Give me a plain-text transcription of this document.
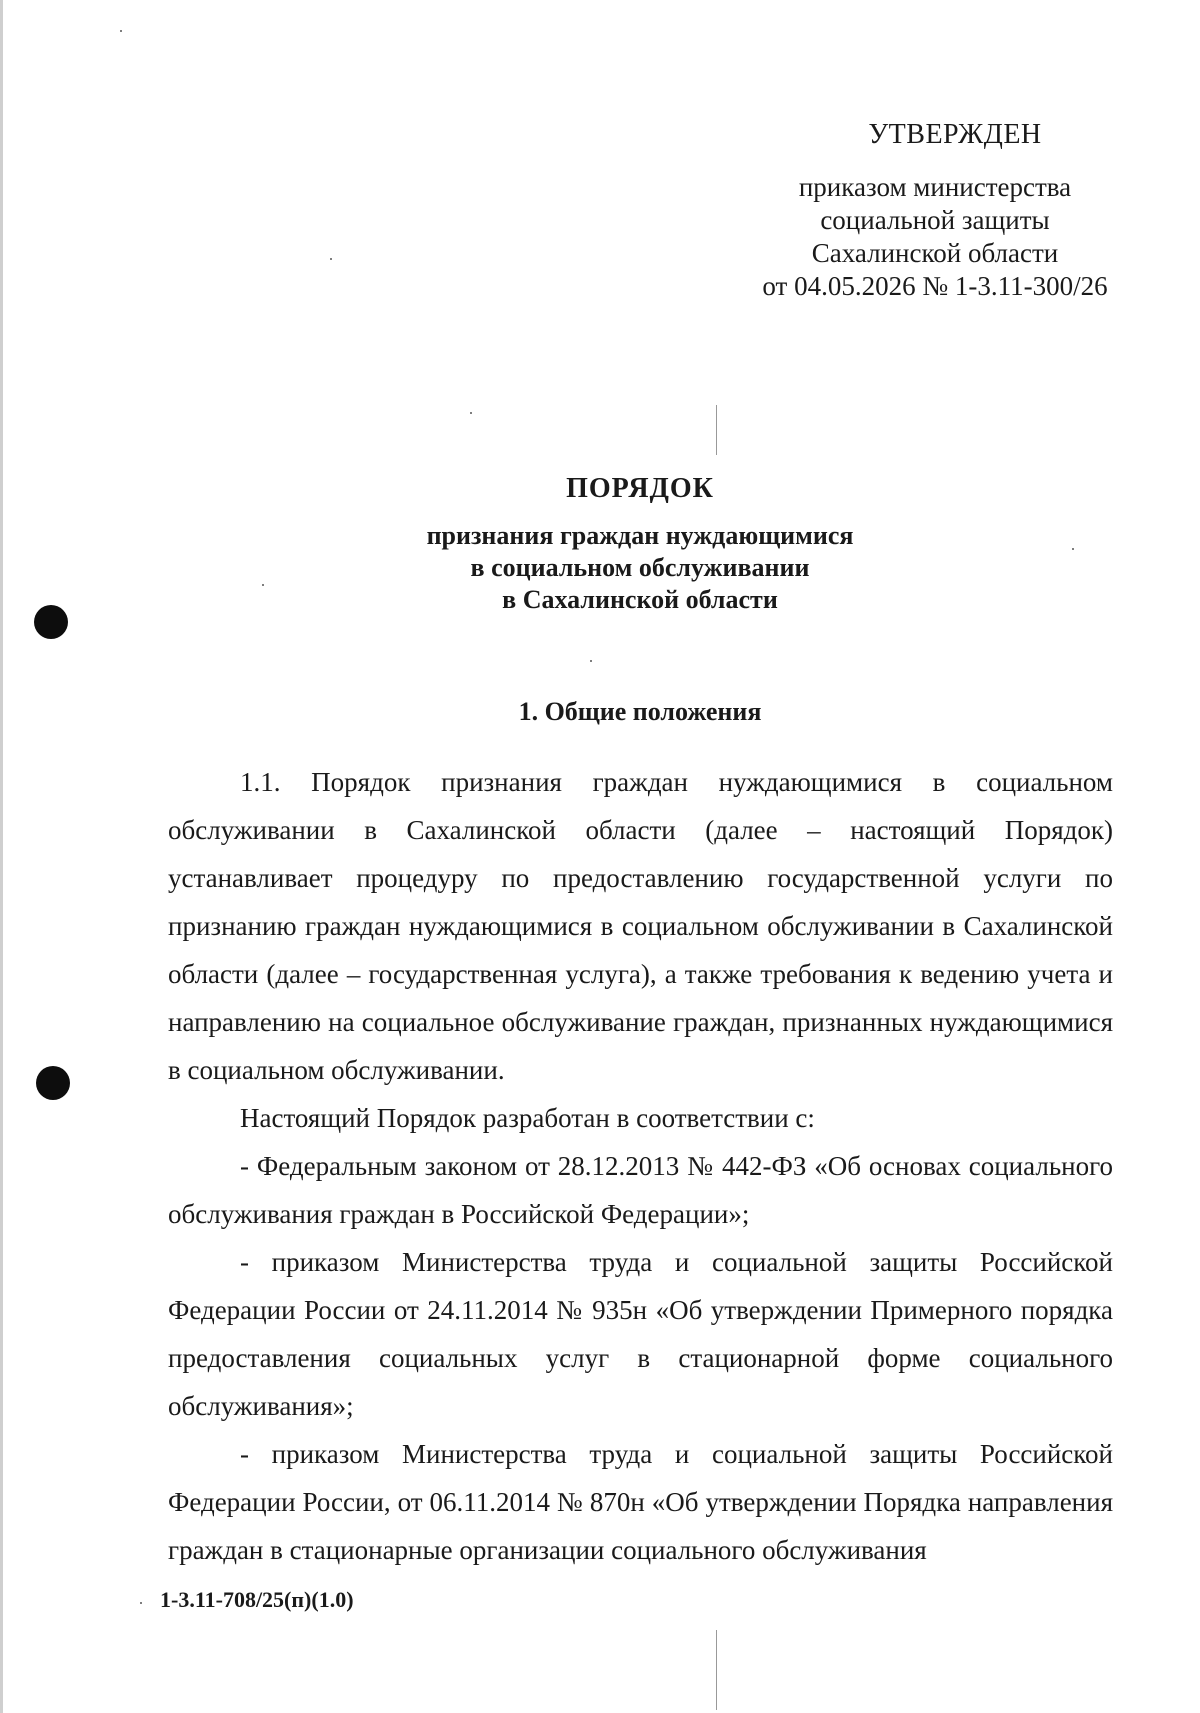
УТВЕРЖДЕН
приказом министерства
социальной защиты
Сахалинской области
от 04.05.2026 № 1-3.11-300/26
ПОРЯДОК
признания граждан нуждающимися
в социальном обслуживании
в Сахалинской области
1. Общие положения

1.1. Порядок признания граждан нуждающимися в социальном обслуживании в Сахалинской области (далее – настоящий Порядок) устанавливает процедуру по предоставлению государственной услуги по признанию граждан нуждающимися в социальном обслуживании в Сахалинской области (далее – государственная услуга), а также требования к ведению учета и направлению на социальное обслуживание граждан, признанных нуждающимися в социальном обслуживании.

Настоящий Порядок разработан в соответствии с:

- Федеральным законом от 28.12.2013 № 442-ФЗ «Об основах социального обслуживания граждан в Российской Федерации»;

- приказом Министерства труда и социальной защиты Российской Федерации России от 24.11.2014 № 935н «Об утверждении Примерного порядка предоставления социальных услуг в стационарной форме социального обслуживания»;

- приказом Министерства труда и социальной защиты Российской Федерации России, от 06.11.2014 № 870н «Об утверждении Порядка направления граждан в стационарные организации социального обслуживания

1-3.11-708/25(п)(1.0)
